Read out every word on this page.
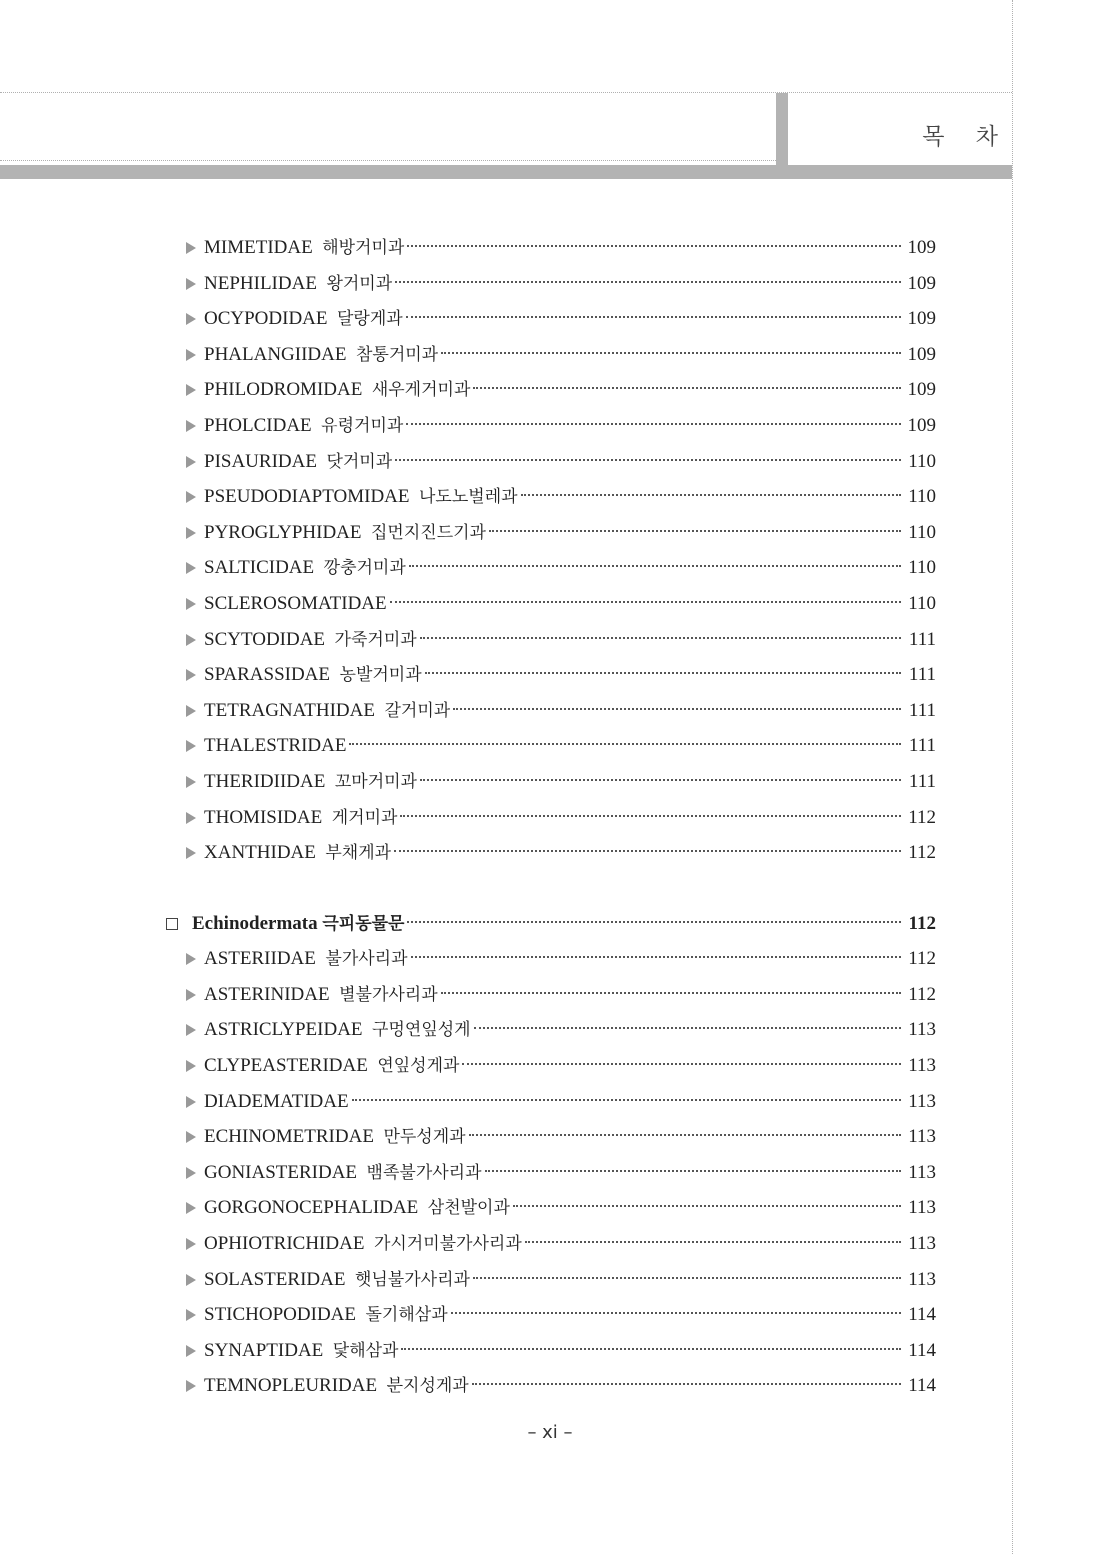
목 차
MIMETIDAE 해방거미과	109
NEPHILIDAE 왕거미과	109
OCYPODIDAE 달랑게과	109
PHALANGIIDAE 참통거미과	109
PHILODROMIDAE 새우게거미과	109
PHOLCIDAE 유령거미과	109
PISAURIDAE 닷거미과	110
PSEUDODIAPTOMIDAE 나도노벌레과	110
PYROGLYPHIDAE 집먼지진드기과	110
SALTICIDAE 깡충거미과	110
SCLEROSOMATIDAE	110
SCYTODIDAE 가죽거미과	111
SPARASSIDAE 농발거미과	111
TETRAGNATHIDAE 갈거미과	111
THALESTRIDAE	111
THERIDIIDAE 꼬마거미과	111
THOMISIDAE 게거미과	112
XANTHIDAE 부채게과	112
Echinodermata 극피동물문	112
ASTERIIDAE 불가사리과	112
ASTERINIDAE 별불가사리과	112
ASTRICLYPEIDAE 구멍연잎성게	113
CLYPEASTERIDAE 연잎성게과	113
DIADEMATIDAE	113
ECHINOMETRIDAE 만두성게과	113
GONIASTERIDAE 뱀족불가사리과	113
GORGONOCEPHALIDAE 삼천발이과	113
OPHIOTRICHIDAE 가시거미불가사리과	113
SOLASTERIDAE 햇님불가사리과	113
STICHOPODIDAE 돌기해삼과	114
SYNAPTIDAE 닻해삼과	114
TEMNOPLEURIDAE 분지성게과	114
– xi –
